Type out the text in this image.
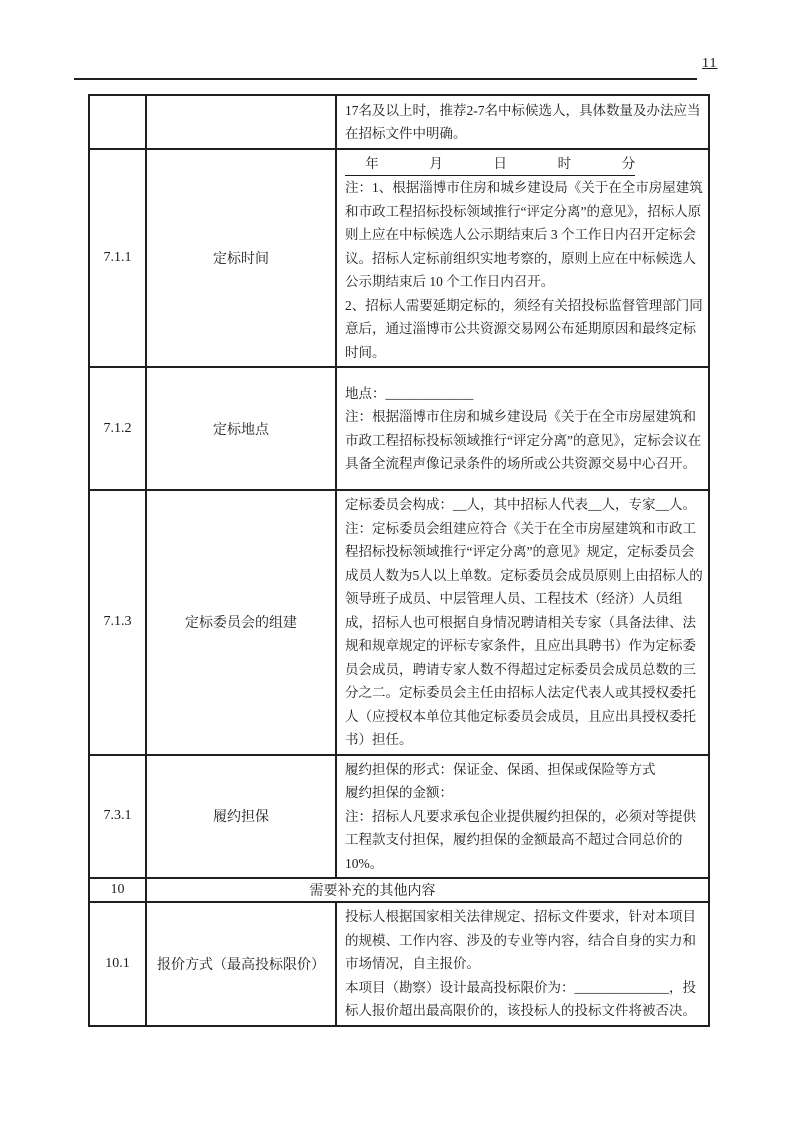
11

		17名及以上时，推荐2-7名中标候选人，具体数量及办法应当在招标文件中明确。

7.1.1	定标时间	年               月               日               时               分

注：1、根据淄博市住房和城乡建设局《关于在全市房屋建筑和市政工程招标投标领域推行“评定分离”的意见》，招标人原则上应在中标候选人公示期结束后 3 个工作日内召开定标会议。招标人定标前组织实地考察的，原则上应在中标候选人公示期结束后 10 个工作日内召开。

2、招标人需要延期定标的，须经有关招投标监督管理部门同意后，通过淄博市公共资源交易网公布延期原因和最终定标时间。

7.1.2	定标地点	地点：_____________

注：根据淄博市住房和城乡建设局《关于在全市房屋建筑和市政工程招标投标领域推行“评定分离”的意见》，定标会议在具备全流程声像记录条件的场所或公共资源交易中心召开。

7.1.3	定标委员会的组建	定标委员会构成：__人，其中招标人代表__人，专家__人。

注：定标委员会组建应符合《关于在全市房屋建筑和市政工程招标投标领域推行“评定分离”的意见》规定，定标委员会成员人数为5人以上单数。定标委员会成员原则上由招标人的领导班子成员、中层管理人员、工程技术（经济）人员组成，招标人也可根据自身情况聘请相关专家（具备法律、法规和规章规定的评标专家条件，且应出具聘书）作为定标委员会成员，聘请专家人数不得超过定标委员会成员总数的三分之二。定标委员会主任由招标人法定代表人或其授权委托人（应授权本单位其他定标委员会成员，且应出具授权委托书）担任。

7.3.1	履约担保	履约担保的形式：保证金、保函、担保或保险等方式

履约担保的金额：

注：招标人凡要求承包企业提供履约担保的，必须对等提供工程款支付担保，履约担保的金额最高不超过合同总价的10%。

10	需要补充的其他内容	
10.1	报价方式（最高投标限价）	投标人根据国家相关法律规定、招标文件要求，针对本项目的规模、工作内容、涉及的专业等内容，结合自身的实力和市场情况，自主报价。

本项目（勘察）设计最高投标限价为：______________，投标人报价超出最高限价的，该投标人的投标文件将被否决。
